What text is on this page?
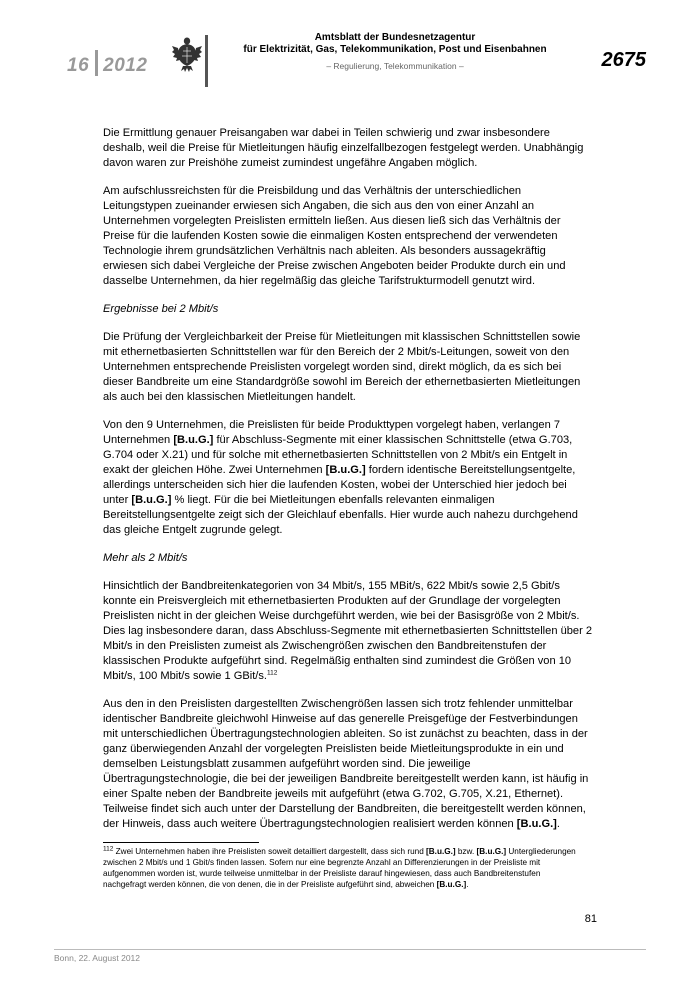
16 2012
Amtsblatt der Bundesnetzagentur
für Elektrizität, Gas, Telekommunikation, Post und Eisenbahnen
– Regulierung, Telekommunikation –	2675

Die Ermittlung genauer Preisangaben war dabei in Teilen schwierig und zwar insbesondere deshalb, weil die Preise für Mietleitungen häufig einzelfallbezogen festgelegt werden. Unabhängig davon waren zur Preishöhe zumeist zumindest ungefähre Angaben möglich.

Am aufschlussreichsten für die Preisbildung und das Verhältnis der unterschiedlichen Leitungstypen zueinander erwiesen sich Angaben, die sich aus den von einer Anzahl an Unternehmen vorgelegten Preislisten ermitteln ließen. Aus diesen ließ sich das Verhältnis der Preise für die laufenden Kosten sowie die einmaligen Kosten entsprechend der verwendeten Technologie ihrem grundsätzlichen Verhältnis nach ableiten. Als besonders aussagekräftig erwiesen sich dabei Vergleiche der Preise zwischen Angeboten beider Produkte durch ein und dasselbe Unternehmen, da hier regelmäßig das gleiche Tarifstrukturmodell genutzt wird.

Ergebnisse bei 2 Mbit/s

Die Prüfung der Vergleichbarkeit der Preise für Mietleitungen mit klassischen Schnittstellen sowie mit ethernetbasierten Schnittstellen war für den Bereich der 2 Mbit/s-Leitungen, soweit von den Unternehmen entsprechende Preislisten vorgelegt worden sind, direkt möglich, da es sich bei dieser Bandbreite um eine Standardgröße sowohl im Bereich der ethernetbasierten Mietleitungen als auch bei den klassischen Mietleitungen handelt.

Von den 9 Unternehmen, die Preislisten für beide Produkttypen vorgelegt haben, verlangen 7 Unternehmen [B.u.G.] für Abschluss-Segmente mit einer klassischen Schnittstelle (etwa G.703, G.704 oder X.21) und für solche mit ethernetbasierten Schnittstellen von 2 Mbit/s ein Entgelt in exakt der gleichen Höhe. Zwei Unternehmen [B.u.G.] fordern identische Bereitstellungsentgelte, allerdings unterscheiden sich hier die laufenden Kosten, wobei der Unterschied hier jedoch bei unter [B.u.G.] % liegt. Für die bei Mietleitungen ebenfalls relevanten einmaligen Bereitstellungsentgelte zeigt sich der Gleichlauf ebenfalls. Hier wurde auch nahezu durchgehend das gleiche Entgelt zugrunde gelegt.

Mehr als 2 Mbit/s

Hinsichtlich der Bandbreitenkategorien von 34 Mbit/s, 155 MBit/s, 622 Mbit/s sowie 2,5 Gbit/s konnte ein Preisvergleich mit ethernetbasierten Produkten auf der Grundlage der vorgelegten Preislisten nicht in der gleichen Weise durchgeführt werden, wie bei der Basisgröße von 2 Mbit/s. Dies lag insbesondere daran, dass Abschluss-Segmente mit ethernetbasierten Schnittstellen über 2 Mbit/s in den Preislisten zumeist als Zwischengrößen zwischen den Bandbreitenstufen der klassischen Produkte aufgeführt sind. Regelmäßig enthalten sind zumindest die Größen von 10 Mbit/s, 100 Mbit/s sowie 1 GBit/s.$^{112}$

Aus den in den Preislisten dargestellten Zwischengrößen lassen sich trotz fehlender unmittelbar identischer Bandbreite gleichwohl Hinweise auf das generelle Preisgefüge der Festverbindungen mit unterschiedlichen Übertragungstechnologien ableiten. So ist zunächst zu beachten, dass in der ganz überwiegenden Anzahl der vorgelegten Preislisten beide Mietleitungsprodukte in ein und demselben Leistungsblatt zusammen aufgeführt worden sind. Die jeweilige Übertragungstechnologie, die bei der jeweiligen Bandbreite bereitgestellt werden kann, ist häufig in einer Spalte neben der Bandbreite jeweils mit aufgeführt (etwa G.702, G.705, X.21, Ethernet). Teilweise findet sich auch unter der Darstellung der Bandbreiten, die bereitgestellt werden können, der Hinweis, dass auch weitere Übertragungstechnologien realisiert werden können [B.u.G.].

$^{112}$ Zwei Unternehmen haben ihre Preislisten soweit detailliert dargestellt, dass sich rund [B.u.G.] bzw. [B.u.G.] Untergliederungen zwischen 2 Mbit/s und 1 Gbit/s finden lassen. Sofern nur eine begrenzte Anzahl an Differenzierungen in der Preisliste mit aufgenommen worden ist, wurde teilweise unmittelbar in der Preisliste darauf hingewiesen, dass auch Bandbreitenstufen nachgefragt werden können, die von denen, die in der Preisliste aufgeführt sind, abweichen [B.u.G.].
81
Bonn, 22. August 2012
